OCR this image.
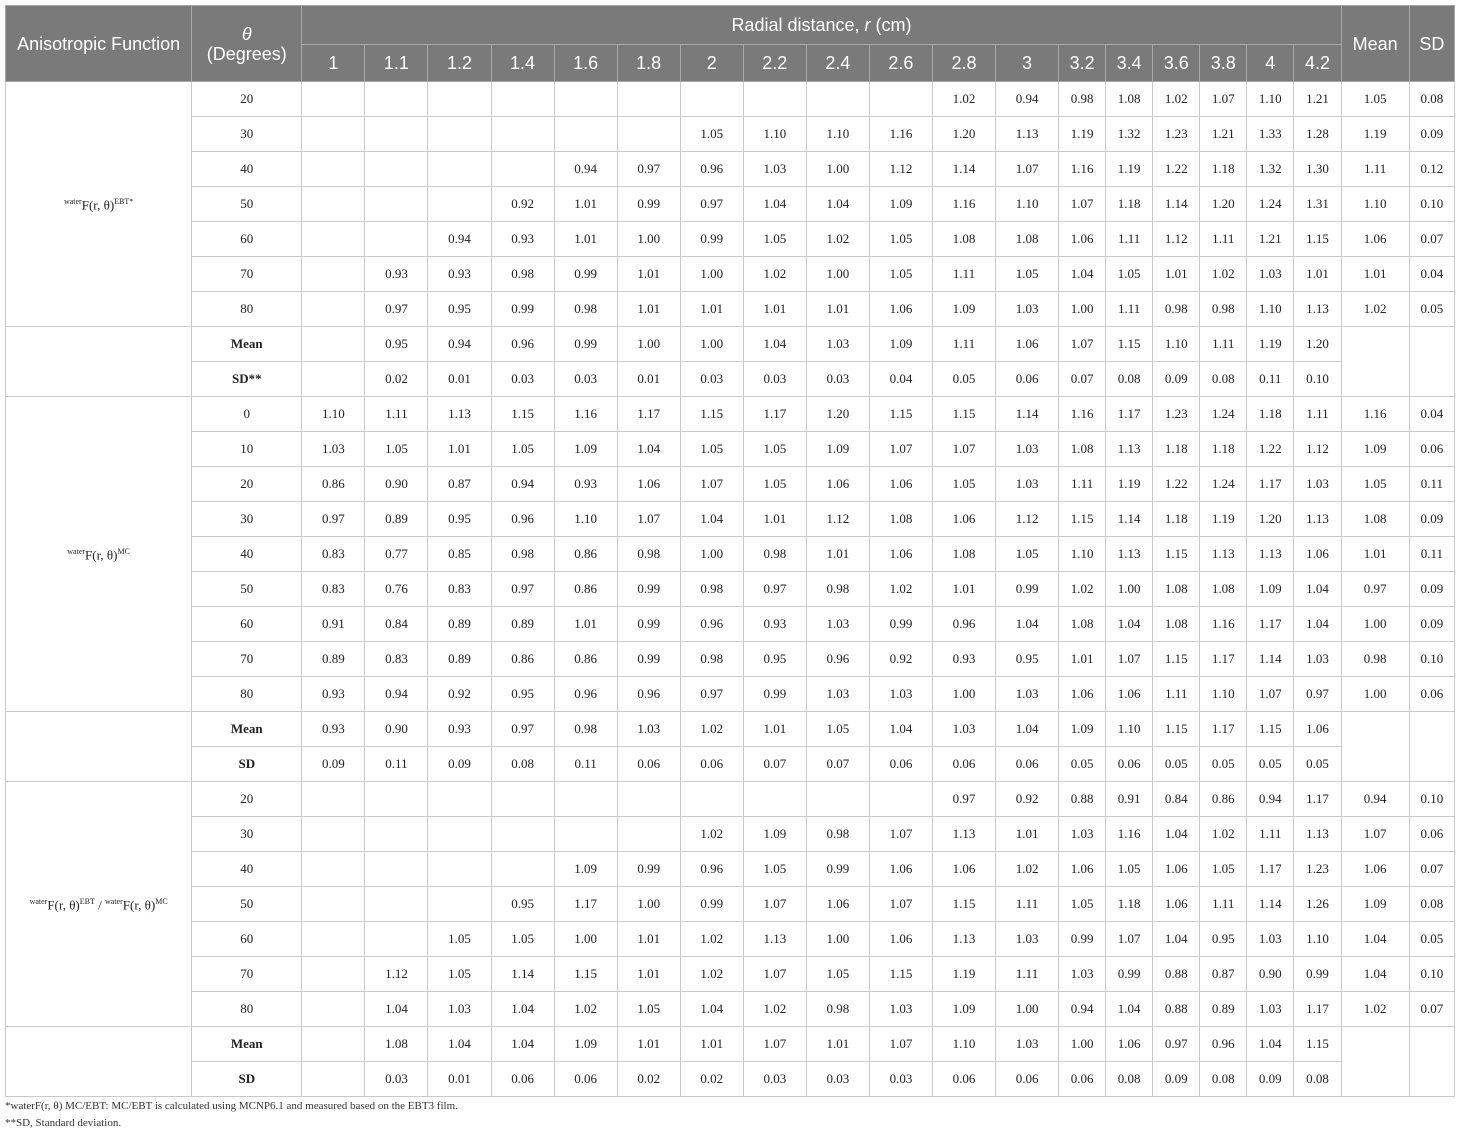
Anisotropic Function	θ
(Degrees)	Radial distance, r (cm)																		Mean	SD
		1	1.1	1.2	1.4	1.6	1.8	2	2.2	2.4	2.6	2.8	3	3.2	3.4	3.6	3.8	4	4.2		
$^{water}$F(r, θ)$^{EBT*}$	20											1.02	0.94	0.98	1.08	1.02	1.07	1.10	1.21	1.05	0.08
	30							1.05	1.10	1.10	1.16	1.20	1.13	1.19	1.32	1.23	1.21	1.33	1.28	1.19	0.09
	40					0.94	0.97	0.96	1.03	1.00	1.12	1.14	1.07	1.16	1.19	1.22	1.18	1.32	1.30	1.11	0.12
	50				0.92	1.01	0.99	0.97	1.04	1.04	1.09	1.16	1.10	1.07	1.18	1.14	1.20	1.24	1.31	1.10	0.10
	60			0.94	0.93	1.01	1.00	0.99	1.05	1.02	1.05	1.08	1.08	1.06	1.11	1.12	1.11	1.21	1.15	1.06	0.07
	70		0.93	0.93	0.98	0.99	1.01	1.00	1.02	1.00	1.05	1.11	1.05	1.04	1.05	1.01	1.02	1.03	1.01	1.01	0.04
	80		0.97	0.95	0.99	0.98	1.01	1.01	1.01	1.01	1.06	1.09	1.03	1.00	1.11	0.98	0.98	1.10	1.13	1.02	0.05
	Mean		0.95	0.94	0.96	0.99	1.00	1.00	1.04	1.03	1.09	1.11	1.06	1.07	1.15	1.10	1.11	1.19	1.20		
	SD**		0.02	0.01	0.03	0.03	0.01	0.03	0.03	0.03	0.04	0.05	0.06	0.07	0.08	0.09	0.08	0.11	0.10		
$^{water}$F(r, θ)$^{MC}$	0	1.10	1.11	1.13	1.15	1.16	1.17	1.15	1.17	1.20	1.15	1.15	1.14	1.16	1.17	1.23	1.24	1.18	1.11	1.16	0.04
	10	1.03	1.05	1.01	1.05	1.09	1.04	1.05	1.05	1.09	1.07	1.07	1.03	1.08	1.13	1.18	1.18	1.22	1.12	1.09	0.06
	20	0.86	0.90	0.87	0.94	0.93	1.06	1.07	1.05	1.06	1.06	1.05	1.03	1.11	1.19	1.22	1.24	1.17	1.03	1.05	0.11
	30	0.97	0.89	0.95	0.96	1.10	1.07	1.04	1.01	1.12	1.08	1.06	1.12	1.15	1.14	1.18	1.19	1.20	1.13	1.08	0.09
	40	0.83	0.77	0.85	0.98	0.86	0.98	1.00	0.98	1.01	1.06	1.08	1.05	1.10	1.13	1.15	1.13	1.13	1.06	1.01	0.11
	50	0.83	0.76	0.83	0.97	0.86	0.99	0.98	0.97	0.98	1.02	1.01	0.99	1.02	1.00	1.08	1.08	1.09	1.04	0.97	0.09
	60	0.91	0.84	0.89	0.89	1.01	0.99	0.96	0.93	1.03	0.99	0.96	1.04	1.08	1.04	1.08	1.16	1.17	1.04	1.00	0.09
	70	0.89	0.83	0.89	0.86	0.86	0.99	0.98	0.95	0.96	0.92	0.93	0.95	1.01	1.07	1.15	1.17	1.14	1.03	0.98	0.10
	80	0.93	0.94	0.92	0.95	0.96	0.96	0.97	0.99	1.03	1.03	1.00	1.03	1.06	1.06	1.11	1.10	1.07	0.97	1.00	0.06
	Mean	0.93	0.90	0.93	0.97	0.98	1.03	1.02	1.01	1.05	1.04	1.03	1.04	1.09	1.10	1.15	1.17	1.15	1.06		
	SD	0.09	0.11	0.09	0.08	0.11	0.06	0.06	0.07	0.07	0.06	0.06	0.06	0.05	0.06	0.05	0.05	0.05	0.05		
$^{water}$F(r, θ)$^{EBT}$ / $^{water}$F(r, θ)$^{MC}$	20											0.97	0.92	0.88	0.91	0.84	0.86	0.94	1.17	0.94	0.10
	30							1.02	1.09	0.98	1.07	1.13	1.01	1.03	1.16	1.04	1.02	1.11	1.13	1.07	0.06
	40					1.09	0.99	0.96	1.05	0.99	1.06	1.06	1.02	1.06	1.05	1.06	1.05	1.17	1.23	1.06	0.07
	50				0.95	1.17	1.00	0.99	1.07	1.06	1.07	1.15	1.11	1.05	1.18	1.06	1.11	1.14	1.26	1.09	0.08
	60			1.05	1.05	1.00	1.01	1.02	1.13	1.00	1.06	1.13	1.03	0.99	1.07	1.04	0.95	1.03	1.10	1.04	0.05
	70		1.12	1.05	1.14	1.15	1.01	1.02	1.07	1.05	1.15	1.19	1.11	1.03	0.99	0.88	0.87	0.90	0.99	1.04	0.10
	80		1.04	1.03	1.04	1.02	1.05	1.04	1.02	0.98	1.03	1.09	1.00	0.94	1.04	0.88	0.89	1.03	1.17	1.02	0.07
	Mean		1.08	1.04	1.04	1.09	1.01	1.01	1.07	1.01	1.07	1.10	1.03	1.00	1.06	0.97	0.96	1.04	1.15		
	SD		0.03	0.01	0.06	0.06	0.02	0.02	0.03	0.03	0.03	0.06	0.06	0.06	0.08	0.09	0.08	0.09	0.08		
*waterF(r, θ) MC/EBT: MC/EBT is calculated using MCNP6.1 and measured based on the EBT3 film.
**SD, Standard deviation.
